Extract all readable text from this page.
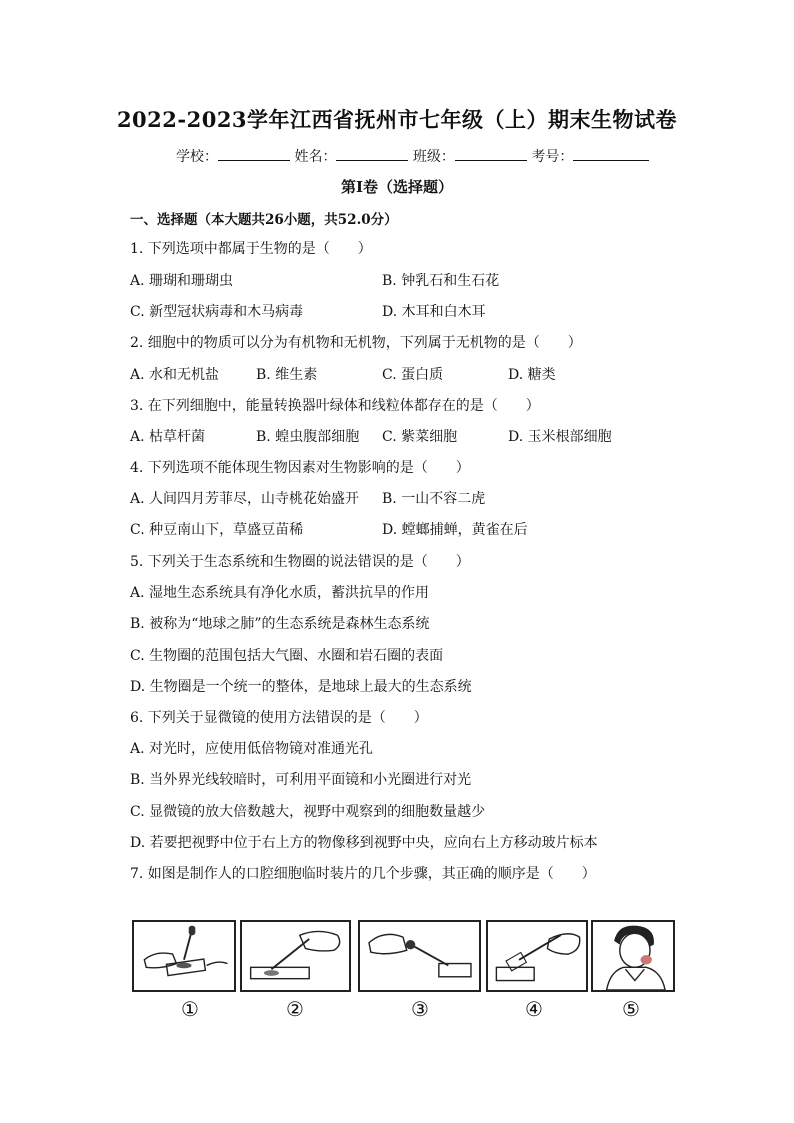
2022-2023学年江西省抚州市七年级（上）期末生物试卷
学校：	姓名：	班级：	考号：
第I卷（选择题）
一、选择题（本大题共26小题，共52.0分）
1. 下列选项中都属于生物的是（　　）
A. 珊瑚和珊瑚虫	B. 钟乳石和生石花
C. 新型冠状病毒和木马病毒	D. 木耳和白木耳
2. 细胞中的物质可以分为有机物和无机物，下列属于无机物的是（　　）
A. 水和无机盐	B. 维生素	C. 蛋白质	D. 糖类
3. 在下列细胞中，能量转换器叶绿体和线粒体都存在的是（　　）
A. 枯草杆菌	B. 蝗虫腹部细胞 C. 紫菜细胞	D. 玉米根部细胞
4. 下列选项不能体现生物因素对生物影响的是（　　）
A. 人间四月芳菲尽，山寺桃花始盛开 B. 一山不容二虎
C. 种豆南山下，草盛豆苗稀	D. 螳螂捕蝉，黄雀在后
5. 下列关于生态系统和生物圈的说法错误的是（　　）
A. 湿地生态系统具有净化水质，蓄洪抗旱的作用
B. 被称为“地球之肺”的生态系统是森林生态系统
C. 生物圈的范围包括大气圈、水圈和岩石圈的表面
D. 生物圈是一个统一的整体，是地球上最大的生态系统
6. 下列关于显微镜的使用方法错误的是（　　）
A. 对光时，应使用低倍物镜对准通光孔
B. 当外界光线较暗时，可利用平面镜和小光圈进行对光
C. 显微镜的放大倍数越大，视野中观察到的细胞数量越少
D. 若要把视野中位于右上方的物像移到视野中央，应向右上方移动玻片标本
7. 如图是制作人的口腔细胞临时装片的几个步骤，其正确的顺序是（　　）
①	②	③	④	⑤
